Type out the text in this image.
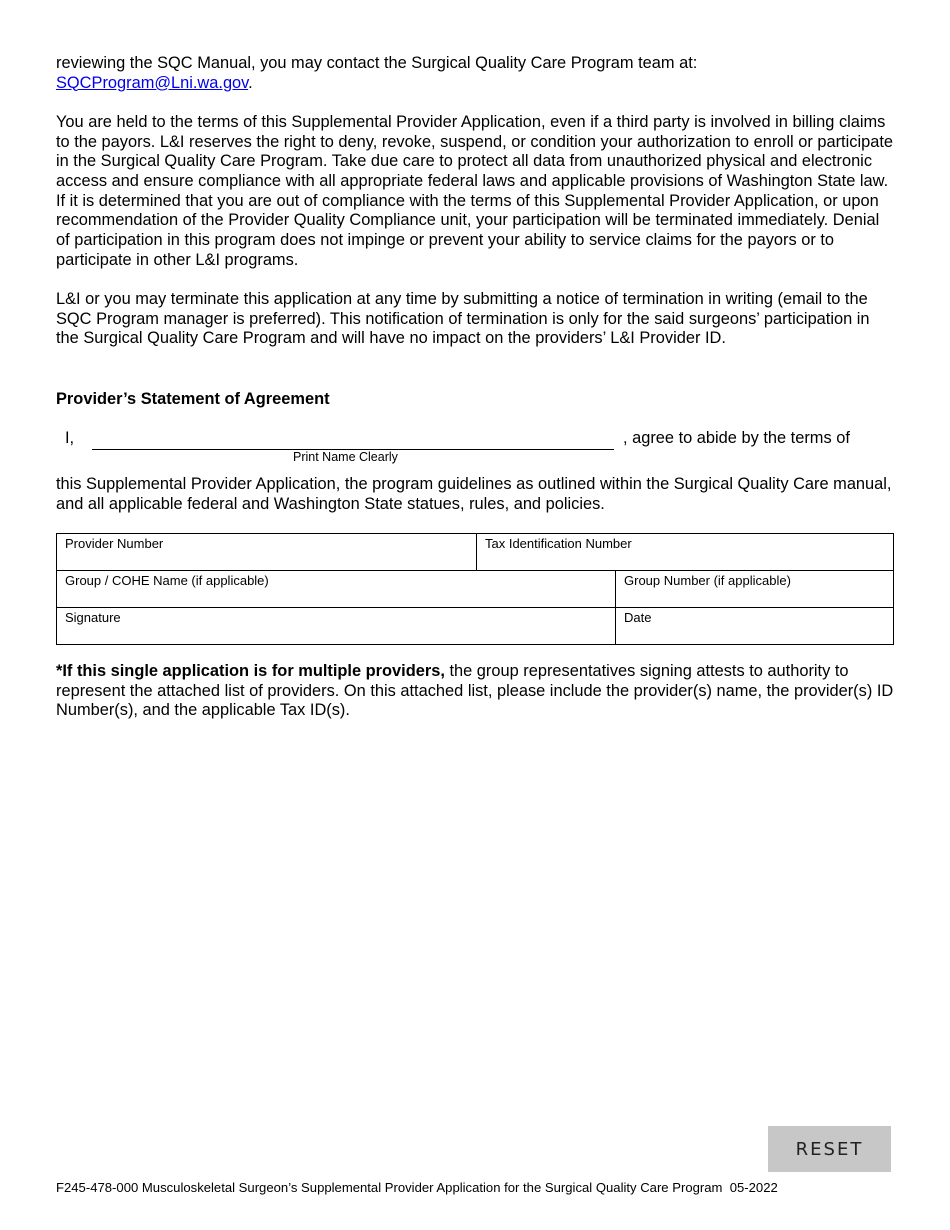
reviewing the SQC Manual, you may contact the Surgical Quality Care Program team at:
SQCProgram@Lni.wa.gov.

You are held to the terms of this Supplemental Provider Application, even if a third party is involved in billing claims to the payors. L&I reserves the right to deny, revoke, suspend, or condition your authorization to enroll or participate in the Surgical Quality Care Program. Take due care to protect all data from unauthorized physical and electronic access and ensure compliance with all appropriate federal laws and applicable provisions of Washington State law. If it is determined that you are out of compliance with the terms of this Supplemental Provider Application, or upon recommendation of the Provider Quality Compliance unit, your participation will be terminated immediately. Denial of participation in this program does not impinge or prevent your ability to service claims for the payors or to participate in other L&I programs.

L&I or you may terminate this application at any time by submitting a notice of termination in writing (email to the SQC Program manager is preferred). This notification of termination is only for the said surgeons’ participation in the Surgical Quality Care Program and will have no impact on the providers’ L&I Provider ID.

Provider’s Statement of Agreement
I,
Print Name Clearly
, agree to abide by the terms of

this Supplemental Provider Application, the program guidelines as outlined within the Surgical Quality Care manual, and all applicable federal and Washington State statues, rules, and policies.

Provider Number	Tax Identification Number
Group / COHE Name (if applicable)	Group Number (if applicable)
Signature	Date

*If this single application is for multiple providers, the group representatives signing attests to authority to represent the attached list of providers. On this attached list, please include the provider(s) name, the provider(s) ID Number(s), and the applicable Tax ID(s).

RESET
F245-478-000 Musculoskeletal Surgeon’s Supplemental Provider Application for the Surgical Quality Care Program  05-2022
